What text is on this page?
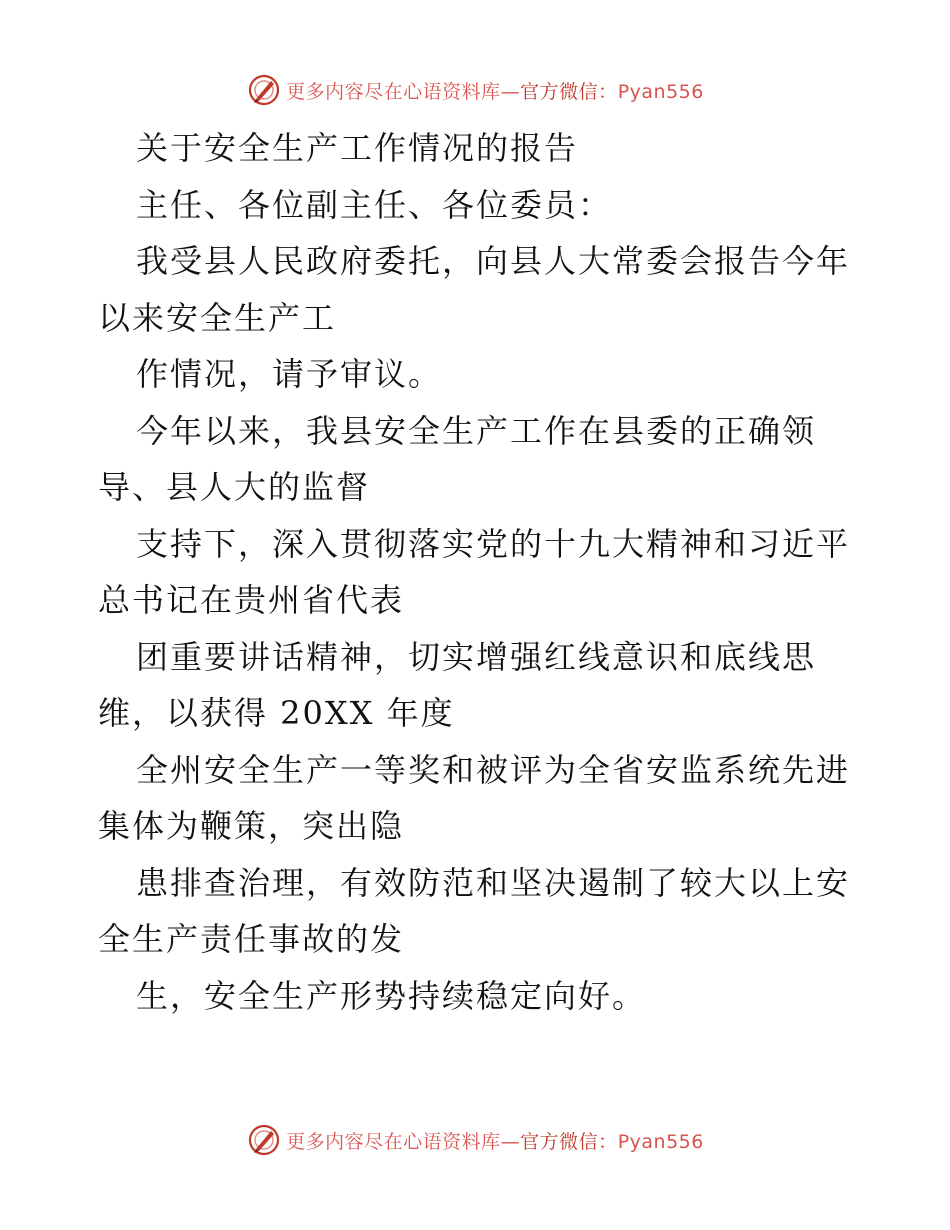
更多内容尽在心语资料库—官方微信：Pyan556
关于安全生产工作情况的报告
主任、各位副主任、各位委员：
我受县人民政府委托，向县人大常委会报告今年
以来安全生产工
作情况，请予审议。
今年以来，我县安全生产工作在县委的正确领
导、县人大的监督
支持下，深入贯彻落实党的十九大精神和习近平
总书记在贵州省代表
团重要讲话精神，切实增强红线意识和底线思
维，以获得 20XX 年度
全州安全生产一等奖和被评为全省安监系统先进
集体为鞭策，突出隐
患排查治理，有效防范和坚决遏制了较大以上安
全生产责任事故的发
生，安全生产形势持续稳定向好。
更多内容尽在心语资料库—官方微信：Pyan556
